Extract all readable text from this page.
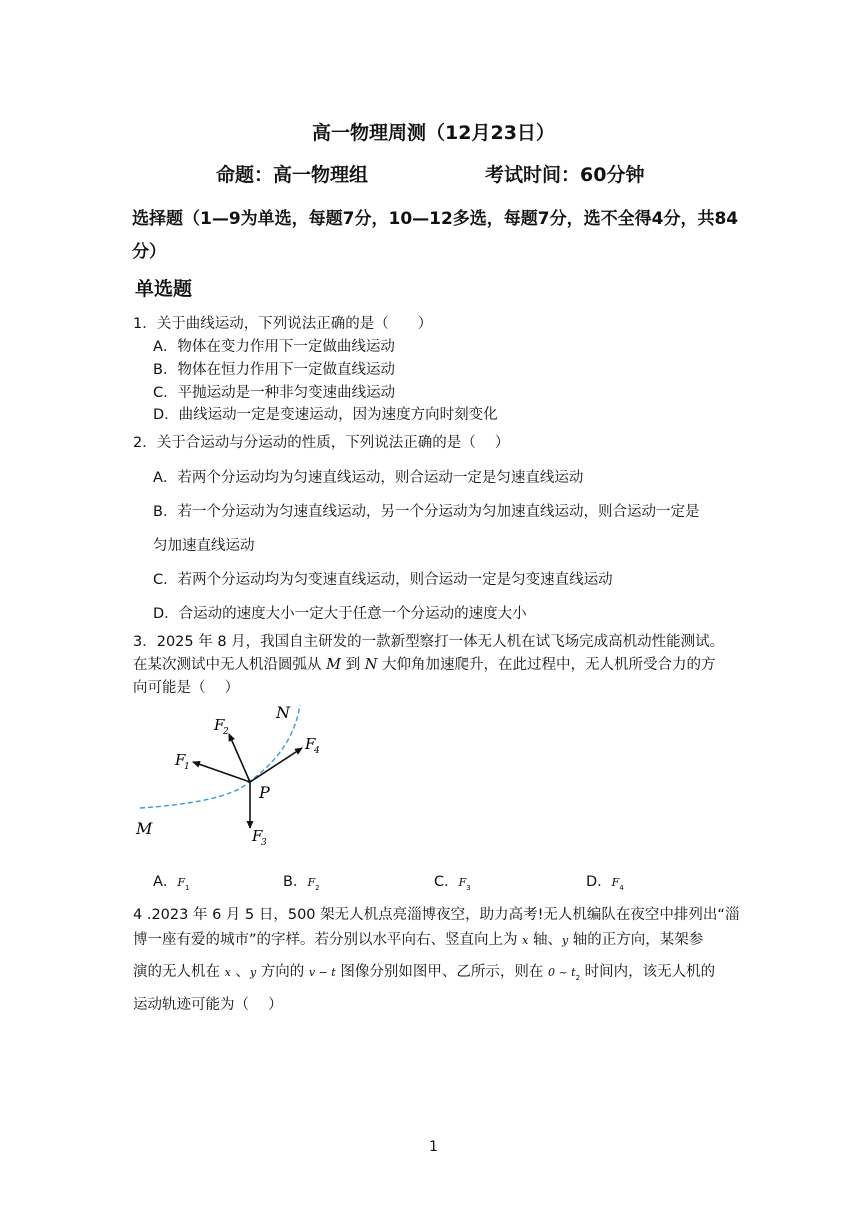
高一物理周测（12月23日）
命题：高一物理组	考试时间：60分钟
选择题（1—9为单选，每题7分，10—12多选，每题7分，选不全得4分，共84
分）
单选题
1．关于曲线运动，下列说法正确的是（　　）
A．物体在变力作用下一定做曲线运动
B．物体在恒力作用下一定做直线运动
C．平抛运动是一种非匀变速曲线运动
D．曲线运动一定是变速运动，因为速度方向时刻变化
2．关于合运动与分运动的性质，下列说法正确的是（　 ）
A．若两个分运动均为匀速直线运动，则合运动一定是匀速直线运动
B．若一个分运动为匀速直线运动，另一个分运动为匀加速直线运动，则合运动一定是
匀加速直线运动
C．若两个分运动均为匀变速直线运动，则合运动一定是匀变速直线运动
D．合运动的速度大小一定大于任意一个分运动的速度大小
3．2025 年 8 月，我国自主研发的一款新型察打一体无人机在试飞场完成高机动性能测试。
在某次测试中无人机沿圆弧从 M 到 N 大仰角加速爬升，在此过程中，无人机所受合力的方
向可能是（　 ）
N
M
P
F
1
F
2
F
3
F
4
A．$F_1$	B．$F_2$	C．$F_3$	D．$F_4$
4 .2023 年 6 月 5 日，500 架无人机点亮淄博夜空，助力高考!无人机编队在夜空中排列出“淄
博一座有爱的城市”的字样。若分别以水平向右、竖直向上为 x 轴、y 轴的正方向，某架参
演的无人机在 x 、y 方向的 v − t 图像分别如图甲、乙所示，则在 0 ~ $t_2$ 时间内，该无人机的
运动轨迹可能为（　 ）
1
